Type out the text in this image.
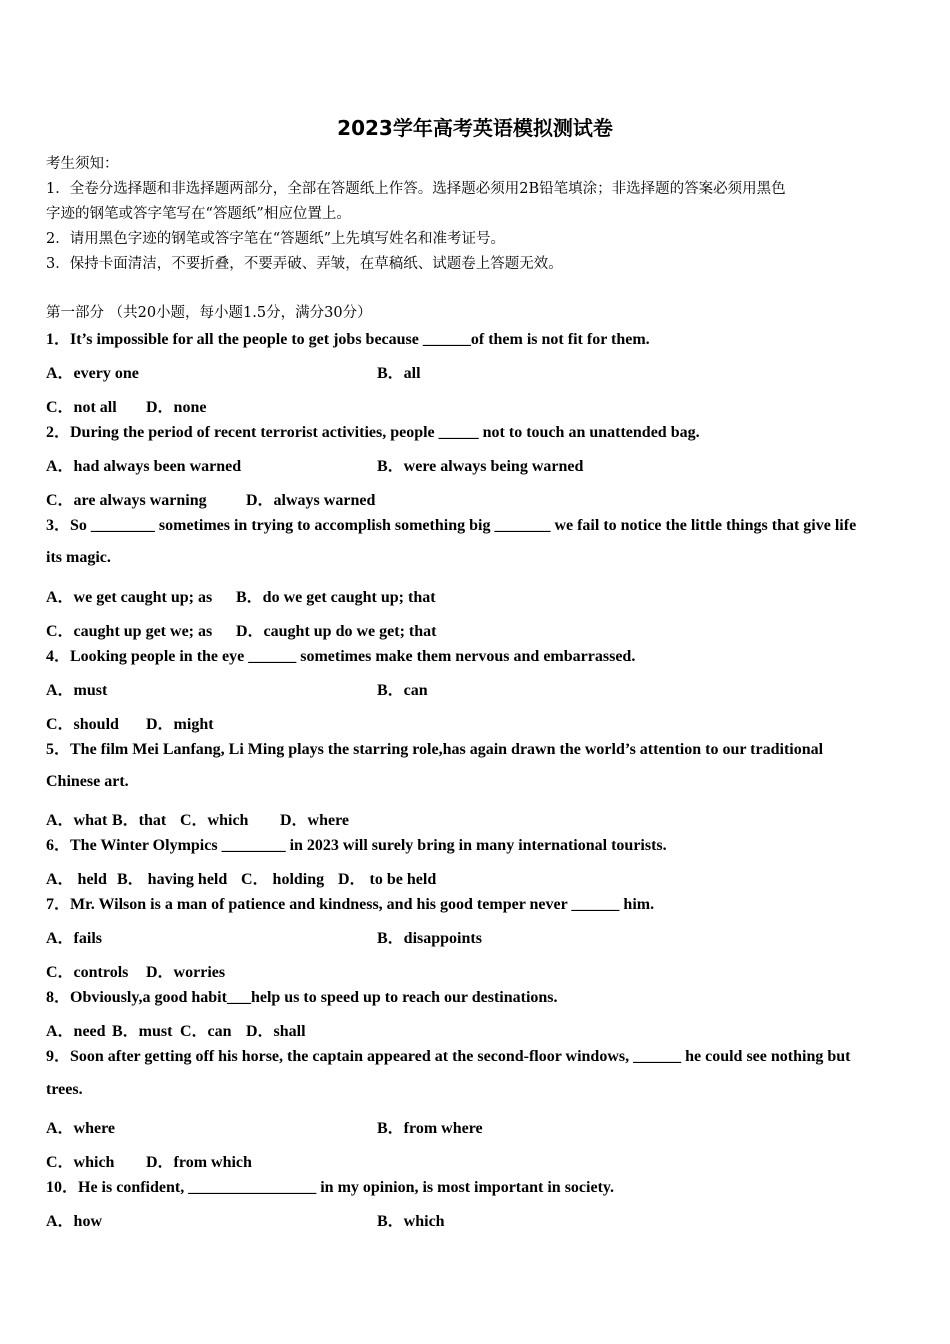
2023学年高考英语模拟测试卷
考生须知：
1．全卷分选择题和非选择题两部分，全部在答题纸上作答。选择题必须用2B铅笔填涂；非选择题的答案必须用黑色
字迹的钢笔或答字笔写在“答题纸”相应位置上。
2．请用黑色字迹的钢笔或答字笔在“答题纸”上先填写姓名和准考证号。
3．保持卡面清洁，不要折叠，不要弄破、弄皱，在草稿纸、试题卷上答题无效。
第一部分 （共20小题，每小题1.5分，满分30分）
1．It’s impossible for all the people to get jobs because ______of them is not fit for them.
A．every one	B．all
C．not all D．none
2．During the period of recent terrorist activities, people _____ not to touch an unattended bag.
A．had always been warned	B．were always being warned
C．are always warning D．always warned
3．So ________ sometimes in trying to accomplish something big _______ we fail to notice the little things that give life
its magic.
A．we get caught up; as B．do we get caught up; that
C．caught up get we; as D．caught up do we get; that
4．Looking people in the eye ______ sometimes make them nervous and embarrassed.
A．must	B．can
C．should D．might
5．The film Mei Lanfang, Li Ming plays the starring role,has again drawn the world’s attention to our traditional
Chinese art.
A．what B．that C．which D．where
6．The Winter Olympics ________ in 2023 will surely bring in many international tourists.
A． held B． having held C． holding D． to be held
7．Mr. Wilson is a man of patience and kindness, and his good temper never ______ him.
A．fails	B．disappoints
C．controls D．worries
8．Obviously,a good habit___help us to speed up to reach our destinations.
A．need B．must C．can D．shall
9．Soon after getting off his horse, the captain appeared at the second-floor windows, ______ he could see nothing but
trees.
A．where	B．from where
C．which D．from which
10．He is confident, ________________ in my opinion, is most important in society.
A．how	B．which
